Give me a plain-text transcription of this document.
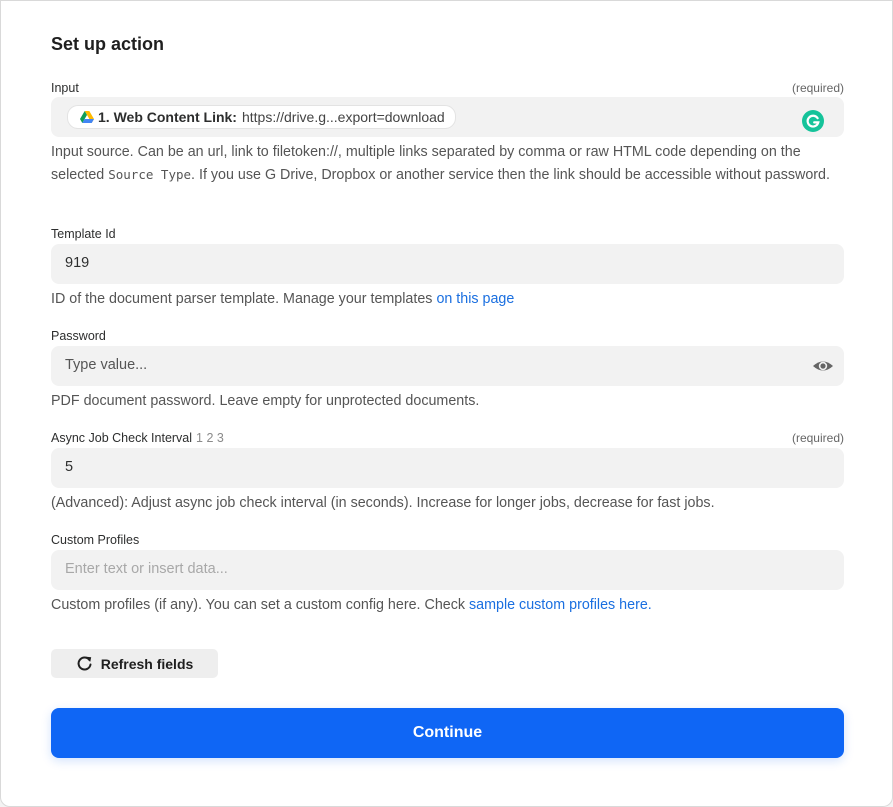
Set up action
Input	(required)
1. Web Content Link: https://drive.g...export=download
Input source. Can be an url, link to filetoken://, multiple links separated by comma or raw HTML code depending on the selected Source Type. If you use G Drive, Dropbox or another service then the link should be accessible without password.
Template Id
919
ID of the document parser template. Manage your templates on this page
Password
Type value...
PDF document password. Leave empty for unprotected documents.
Async Job Check Interval 1 2 3	(required)
5
(Advanced): Adjust async job check interval (in seconds). Increase for longer jobs, decrease for fast jobs.
Custom Profiles
Enter text or insert data...
Custom profiles (if any). You can set a custom config here. Check sample custom profiles here.
Refresh fields
Continue
